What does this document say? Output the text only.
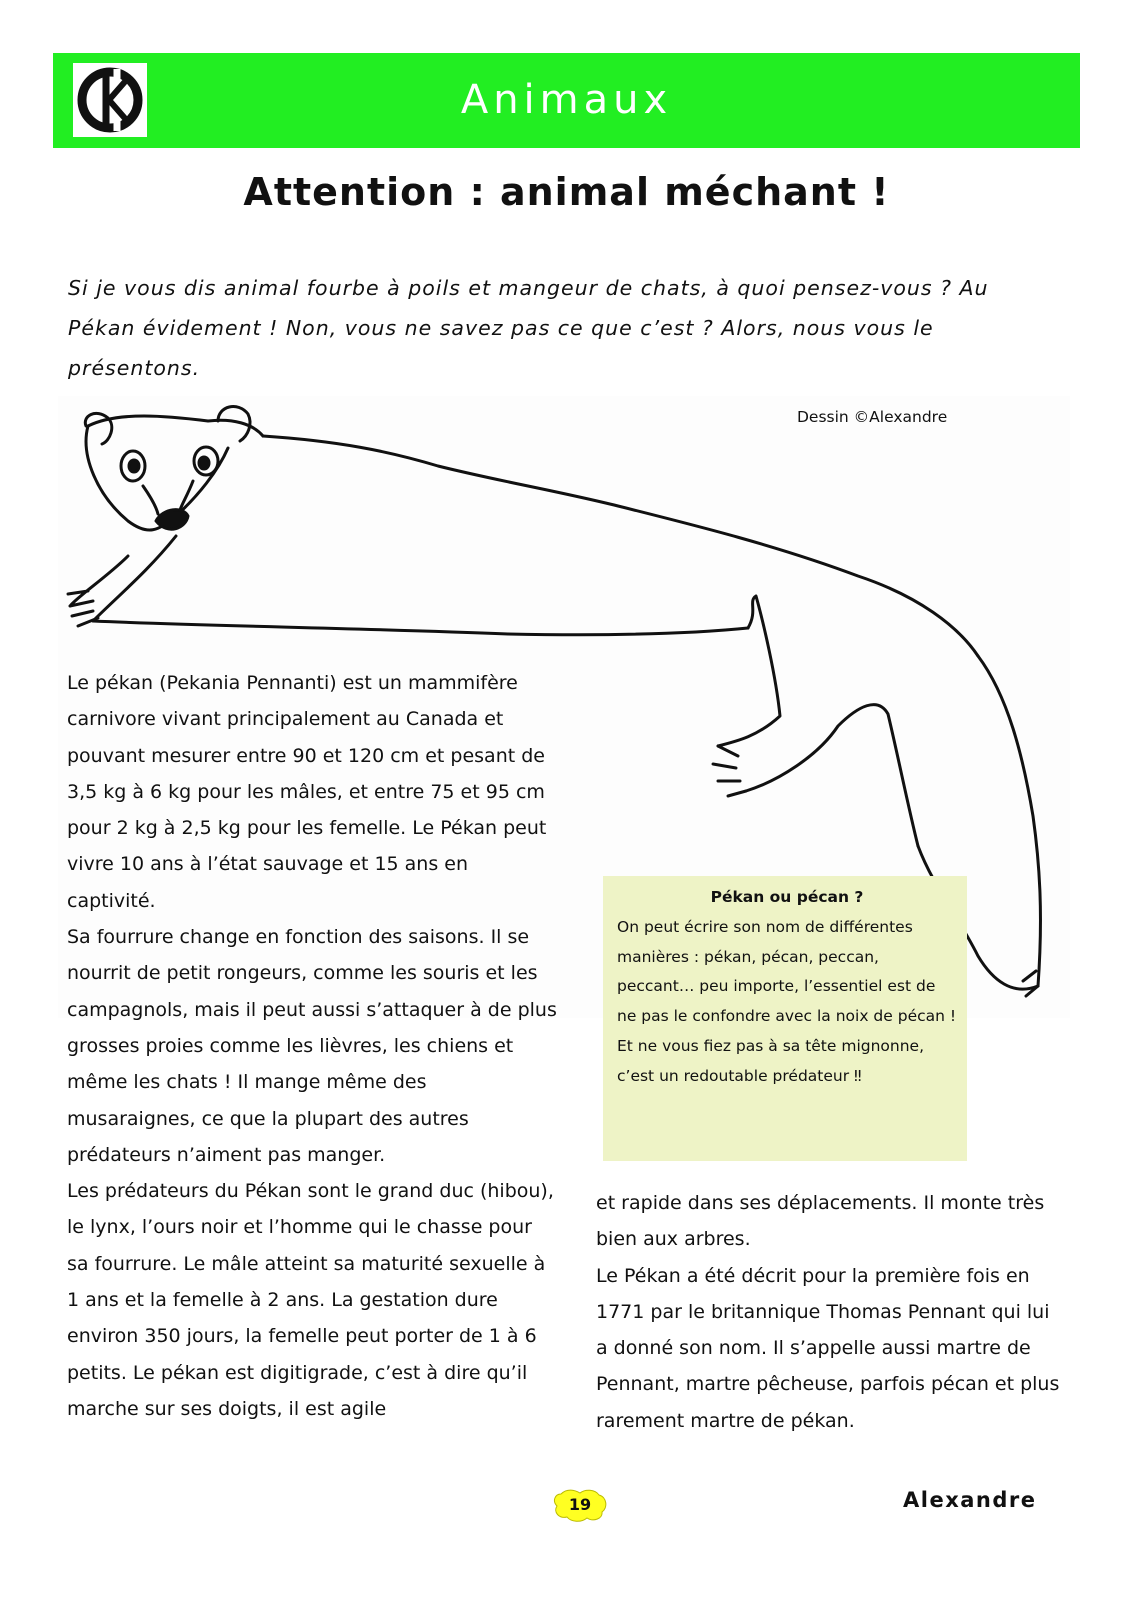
Animaux
Attention : animal méchant !

Si je vous dis animal fourbe à poils et mangeur de chats, à quoi pensez-vous ? Au Pékan évidement ! Non, vous ne savez pas ce que c’est ? Alors, nous vous le présentons.

Dessin ©Alexandre

Le pékan (Pekania Pennanti) est un mammifère carnivore vivant principalement au Canada et pouvant mesurer entre 90 et 120 cm et pesant de 3,5 kg à 6 kg pour les mâles, et entre 75 et 95 cm pour 2 kg à 2,5 kg pour les femelle. Le Pékan peut vivre 10 ans à l’état sauvage et 15 ans en captivité.

Sa fourrure change en fonction des saisons. Il se nourrit de petit rongeurs, comme les souris et les campagnols, mais il peut aussi s’attaquer à de plus grosses proies comme les lièvres, les chiens et même les chats ! Il mange même des musaraignes, ce que la plupart des autres prédateurs n’aiment pas manger.

Les prédateurs du Pékan sont le grand duc (hibou), le lynx, l’ours noir et l’homme qui le chasse pour sa fourrure. Le mâle atteint sa maturité sexuelle à 1 ans et la femelle à 2 ans. La gestation dure environ 350 jours, la femelle peut porter de 1 à 6 petits. Le pékan est digitigrade, c’est à dire qu’il marche sur ses doigts, il est agile

Pékan ou pécan ?
On peut écrire son nom de différentes manières : pékan, pécan, peccan, peccant… peu importe, l’essentiel est de ne pas le confondre avec la noix de pécan !
Et ne vous fiez pas à sa tête mignonne, c’est un redoutable prédateur ‼

et rapide dans ses déplacements. Il monte très bien aux arbres.

Le Pékan a été décrit pour la première fois en 1771 par le britannique Thomas Pennant qui lui a donné son nom. Il s’appelle aussi martre de Pennant, martre pêcheuse, parfois pécan et plus rarement martre de pékan.

19	Alexandre
